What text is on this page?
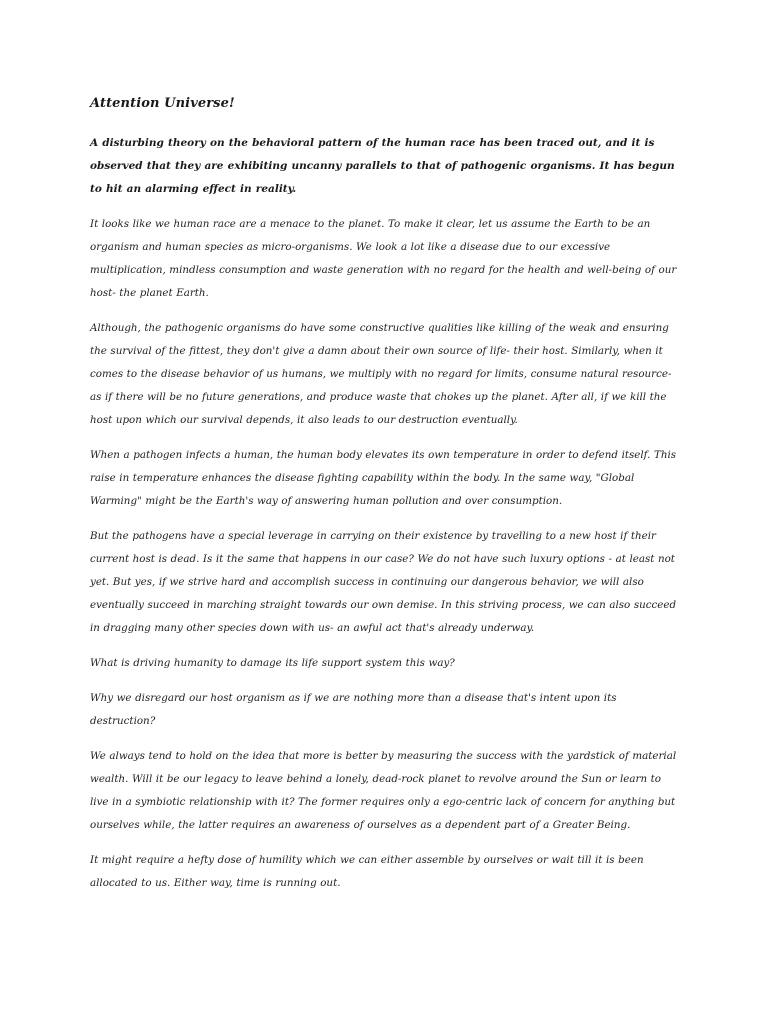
Attention Universe!
A disturbing theory on the behavioral pattern of the human race has been traced out, and it is observed that they are exhibiting uncanny parallels to that of pathogenic organisms. It has begun to hit an alarming effect in reality.
It looks like we human race are a menace to the planet. To make it clear, let us assume the Earth to be an organism and human species as micro-organisms. We look a lot like a disease due to our excessive multiplication, mindless consumption and waste generation with no regard for the health and well-being of our host- the planet Earth.
Although, the pathogenic organisms do have some constructive qualities like killing of the weak and ensuring the survival of the fittest, they don't give a damn about their own source of life- their host. Similarly, when it comes to the disease behavior of us humans, we multiply with no regard for limits, consume natural resource- as if there will be no future generations, and produce waste that chokes up the planet. After all, if we kill the host upon which our survival depends, it also leads to our destruction eventually.
When a pathogen infects a human, the human body elevates its own temperature in order to defend itself. This raise in temperature enhances the disease fighting capability within the body. In the same way, "Global Warming" might be the Earth's way of answering human pollution and over consumption.
But the pathogens have a special leverage in carrying on their existence by travelling to a new host if their current host is dead. Is it the same that happens in our case? We do not have such luxury options - at least not yet. But yes, if we strive hard and accomplish success in continuing our dangerous behavior, we will also eventually succeed in marching straight towards our own demise. In this striving process, we can also succeed in dragging many other species down with us- an awful act that's already underway.
What is driving humanity to damage its life support system this way?
Why we disregard our host organism as if we are nothing more than a disease that's intent upon its destruction?
We always tend to hold on the idea that more is better by measuring the success with the yardstick of material wealth. Will it be our legacy to leave behind a lonely, dead-rock planet to revolve around the Sun or learn to live in a symbiotic relationship with it? The former requires only a ego-centric lack of concern for anything but ourselves while, the latter requires an awareness of ourselves as a dependent part of a Greater Being.
It might require a hefty dose of humility which we can either assemble by ourselves or wait till it is been allocated to us. Either way, time is running out.
